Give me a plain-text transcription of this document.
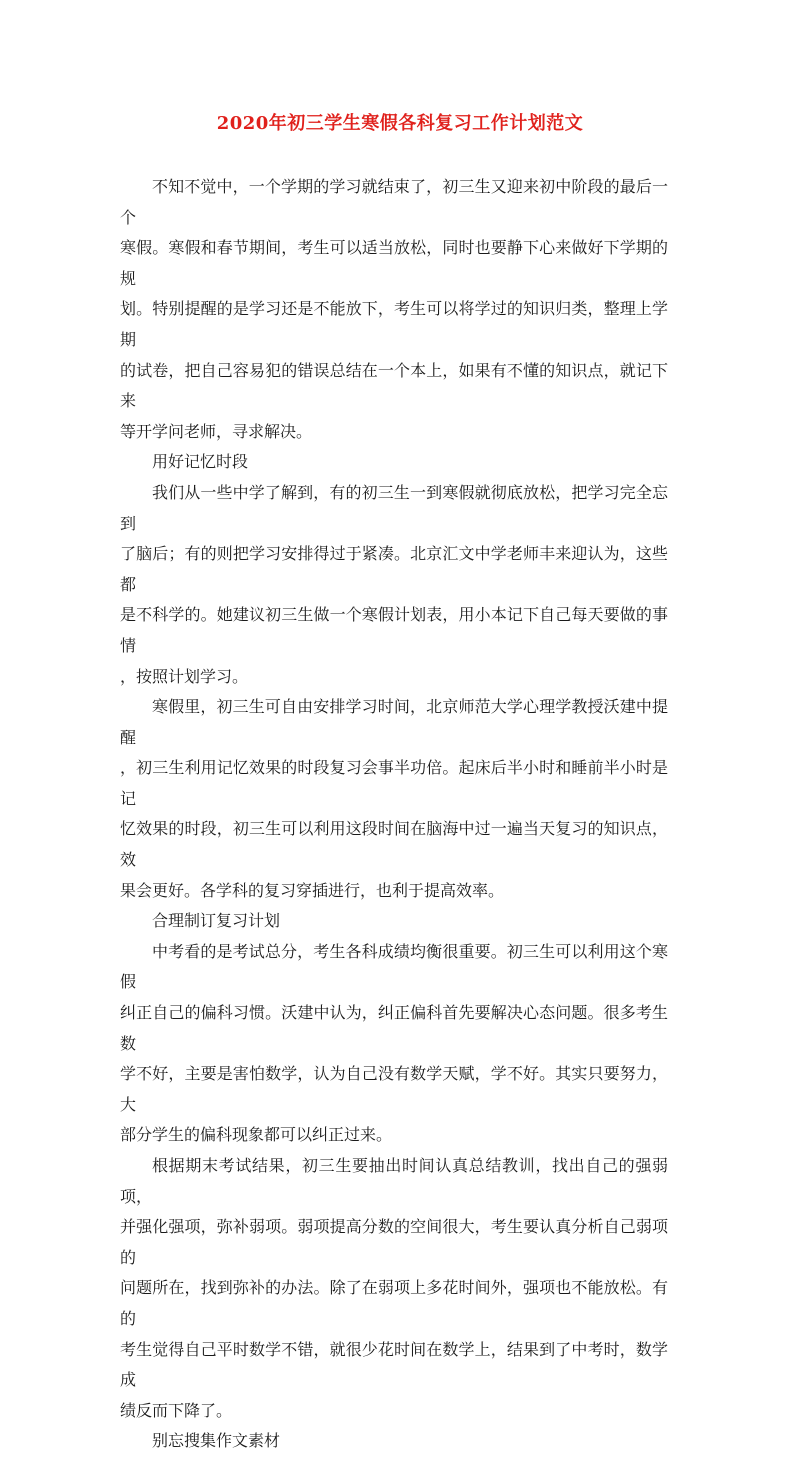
2020年初三学生寒假各科复习工作计划范文

不知不觉中，一个学期的学习就结束了，初三生又迎来初中阶段的最后一个
寒假。寒假和春节期间，考生可以适当放松，同时也要静下心来做好下学期的规
划。特别提醒的是学习还是不能放下，考生可以将学过的知识归类，整理上学期
的试卷，把自己容易犯的错误总结在一个本上，如果有不懂的知识点，就记下来
等开学问老师，寻求解决。

用好记忆时段

我们从一些中学了解到，有的初三生一到寒假就彻底放松，把学习完全忘到
了脑后；有的则把学习安排得过于紧凑。北京汇文中学老师丰来迎认为，这些都
是不科学的。她建议初三生做一个寒假计划表，用小本记下自己每天要做的事情
，按照计划学习。

寒假里，初三生可自由安排学习时间，北京师范大学心理学教授沃建中提醒
，初三生利用记忆效果的时段复习会事半功倍。起床后半小时和睡前半小时是记
忆效果的时段，初三生可以利用这段时间在脑海中过一遍当天复习的知识点，效
果会更好。各学科的复习穿插进行，也利于提高效率。

合理制订复习计划

中考看的是考试总分，考生各科成绩均衡很重要。初三生可以利用这个寒假
纠正自己的偏科习惯。沃建中认为，纠正偏科首先要解决心态问题。很多考生数
学不好，主要是害怕数学，认为自己没有数学天赋，学不好。其实只要努力，大
部分学生的偏科现象都可以纠正过来。

根据期末考试结果，初三生要抽出时间认真总结教训，找出自己的强弱项，
并强化强项，弥补弱项。弱项提高分数的空间很大，考生要认真分析自己弱项的
问题所在，找到弥补的办法。除了在弱项上多花时间外，强项也不能放松。有的
考生觉得自己平时数学不错，就很少花时间在数学上，结果到了中考时，数学成
绩反而下降了。

别忘搜集作文素材
